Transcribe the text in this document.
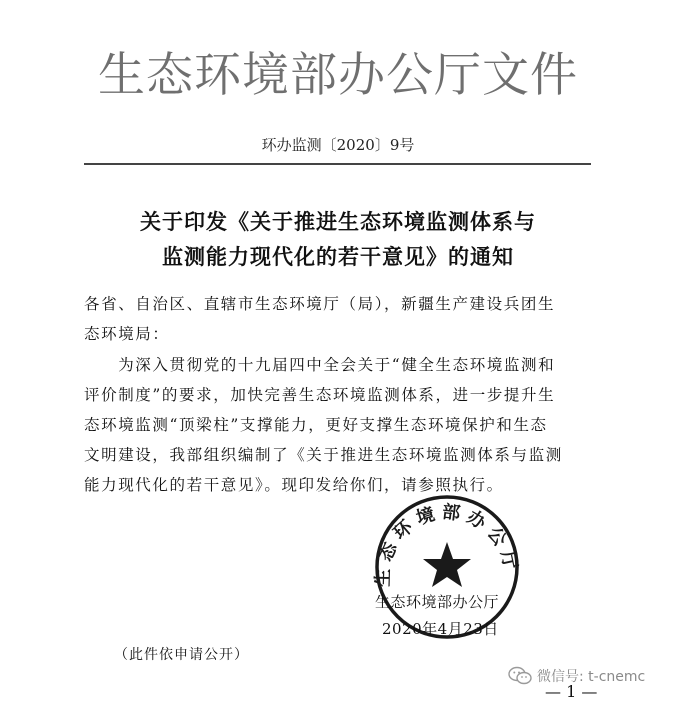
生态环境部办公厅文件
环办监测〔2020〕9号
关于印发《关于推进生态环境监测体系与
监测能力现代化的若干意见》的通知
各省、自治区、直辖市生态环境厅（局），新疆生产建设兵团生
态环境局：
　　为深入贯彻党的十九届四中全会关于“健全生态环境监测和
评价制度”的要求，加快完善生态环境监测体系，进一步提升生
态环境监测“顶梁柱”支撑能力，更好支撑生态环境保护和生态
文明建设，我部组织编制了《关于推进生态环境监测体系与监测
能力现代化的若干意见》。现印发给你们，请参照执行。
生态环境部办公厅
生态环境部办公厅
2020年4月23日
（此件依申请公开）
— 1 —
微信号: t-cnemc
